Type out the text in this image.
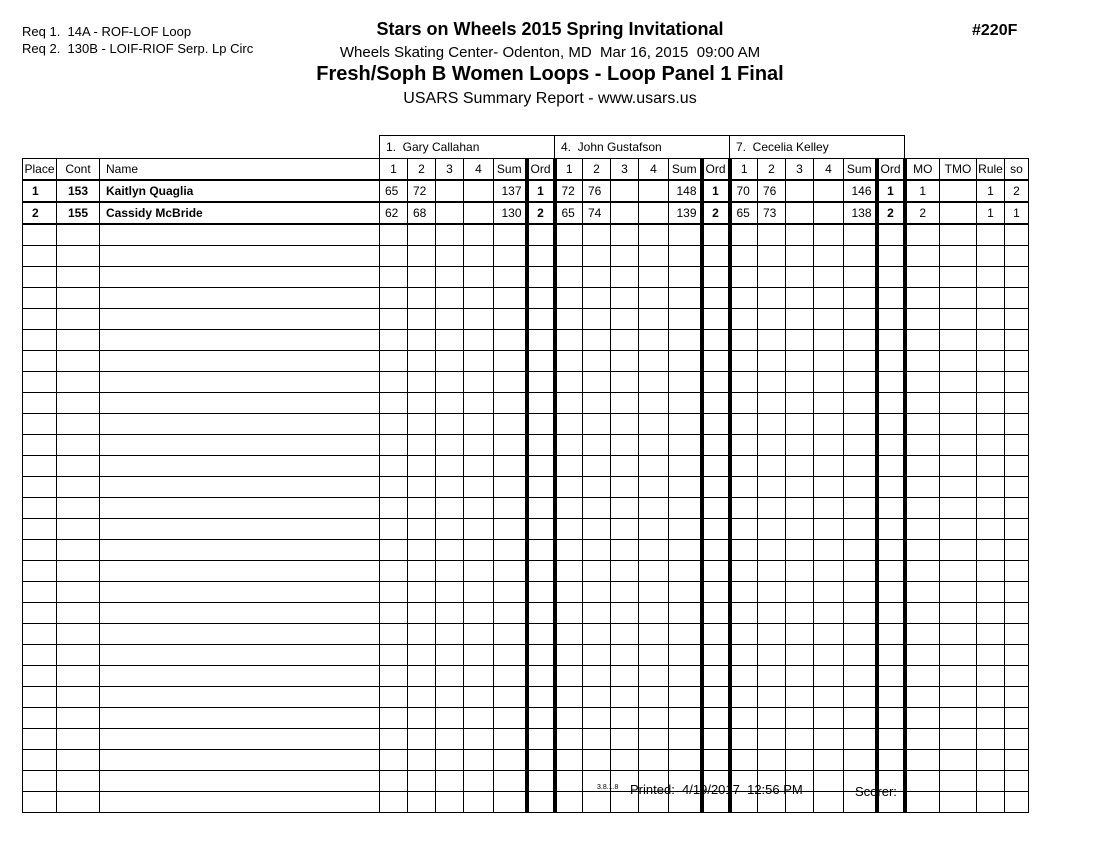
Req 1.  14A - ROF-LOF Loop
Req 2.  130B - LOIF-RIOF Serp. Lp Circ
Stars on Wheels 2015 Spring Invitational
Wheels Skating Center- Odenton, MD  Mar 16, 2015  09:00 AM
Fresh/Soph B Women Loops - Loop Panel 1 Final
USARS Summary Report - www.usars.us
#220F
			1.  Gary Callahan						4.  John Gustafson						7.  Cecelia Kelley									
Place	Cont	Name	1	2	3	4	Sum	Ord	1	2	3	4	Sum	Ord	1	2	3	4	Sum	Ord	MO	TMO	Rule	so
1	153	Kaitlyn Quaglia	65	72			137	1	72	76			148	1	70	76			146	1	1		1	2
2	155	Cassidy McBride	62	68			130	2	65	74			139	2	65	73			138	2	2		1	1

3.8.1.8 Printed:  4/19/2017  12:56 PM	Scorer:
